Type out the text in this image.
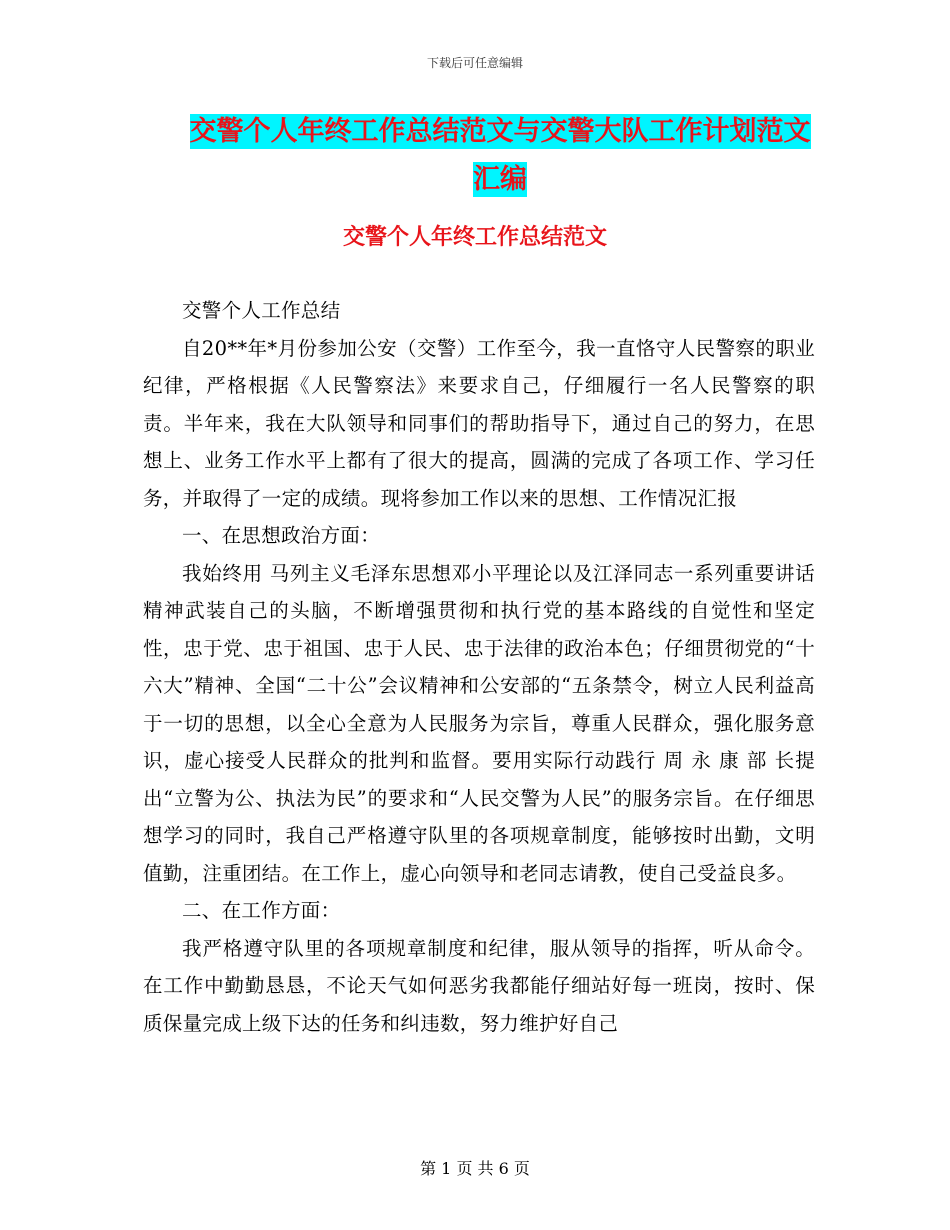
下载后可任意编辑
交警个人年终工作总结范文与交警大队工作计划范文
汇编
交警个人年终工作总结范文

交警个人工作总结

自20**年*月份参加公安（交警）工作至今，我一直恪守人民警察的职业纪律，严格根据《人民警察法》来要求自己，仔细履行一名人民警察的职责。半年来，我在大队领导和同事们的帮助指导下，通过自己的努力，在思想上、业务工作水平上都有了很大的提高，圆满的完成了各项工作、学习任务，并取得了一定的成绩。现将参加工作以来的思想、工作情况汇报

一、在思想政治方面：

我始终用 马列主义毛泽东思想邓小平理论以及江泽同志一系列重要讲话精神武装自己的头脑，不断增强贯彻和执行党的基本路线的自觉性和坚定性，忠于党、忠于祖国、忠于人民、忠于法律的政治本色；仔细贯彻党的“十六大”精神、全国“二十公”会议精神和公安部的“五条禁令，树立人民利益高于一切的思想，以全心全意为人民服务为宗旨，尊重人民群众，强化服务意识，虚心接受人民群众的批判和监督。要用实际行动践行 周 永 康 部 长提出“立警为公、执法为民”的要求和“人民交警为人民”的服务宗旨。在仔细思想学习的同时，我自己严格遵守队里的各项规章制度，能够按时出勤，文明值勤，注重团结。在工作上，虚心向领导和老同志请教，使自己受益良多。

二、在工作方面：

我严格遵守队里的各项规章制度和纪律，服从领导的指挥，听从命令。在工作中勤勤恳恳，不论天气如何恶劣我都能仔细站好每一班岗，按时、保质保量完成上级下达的任务和纠违数，努力维护好自己

第 1 页 共 6 页
